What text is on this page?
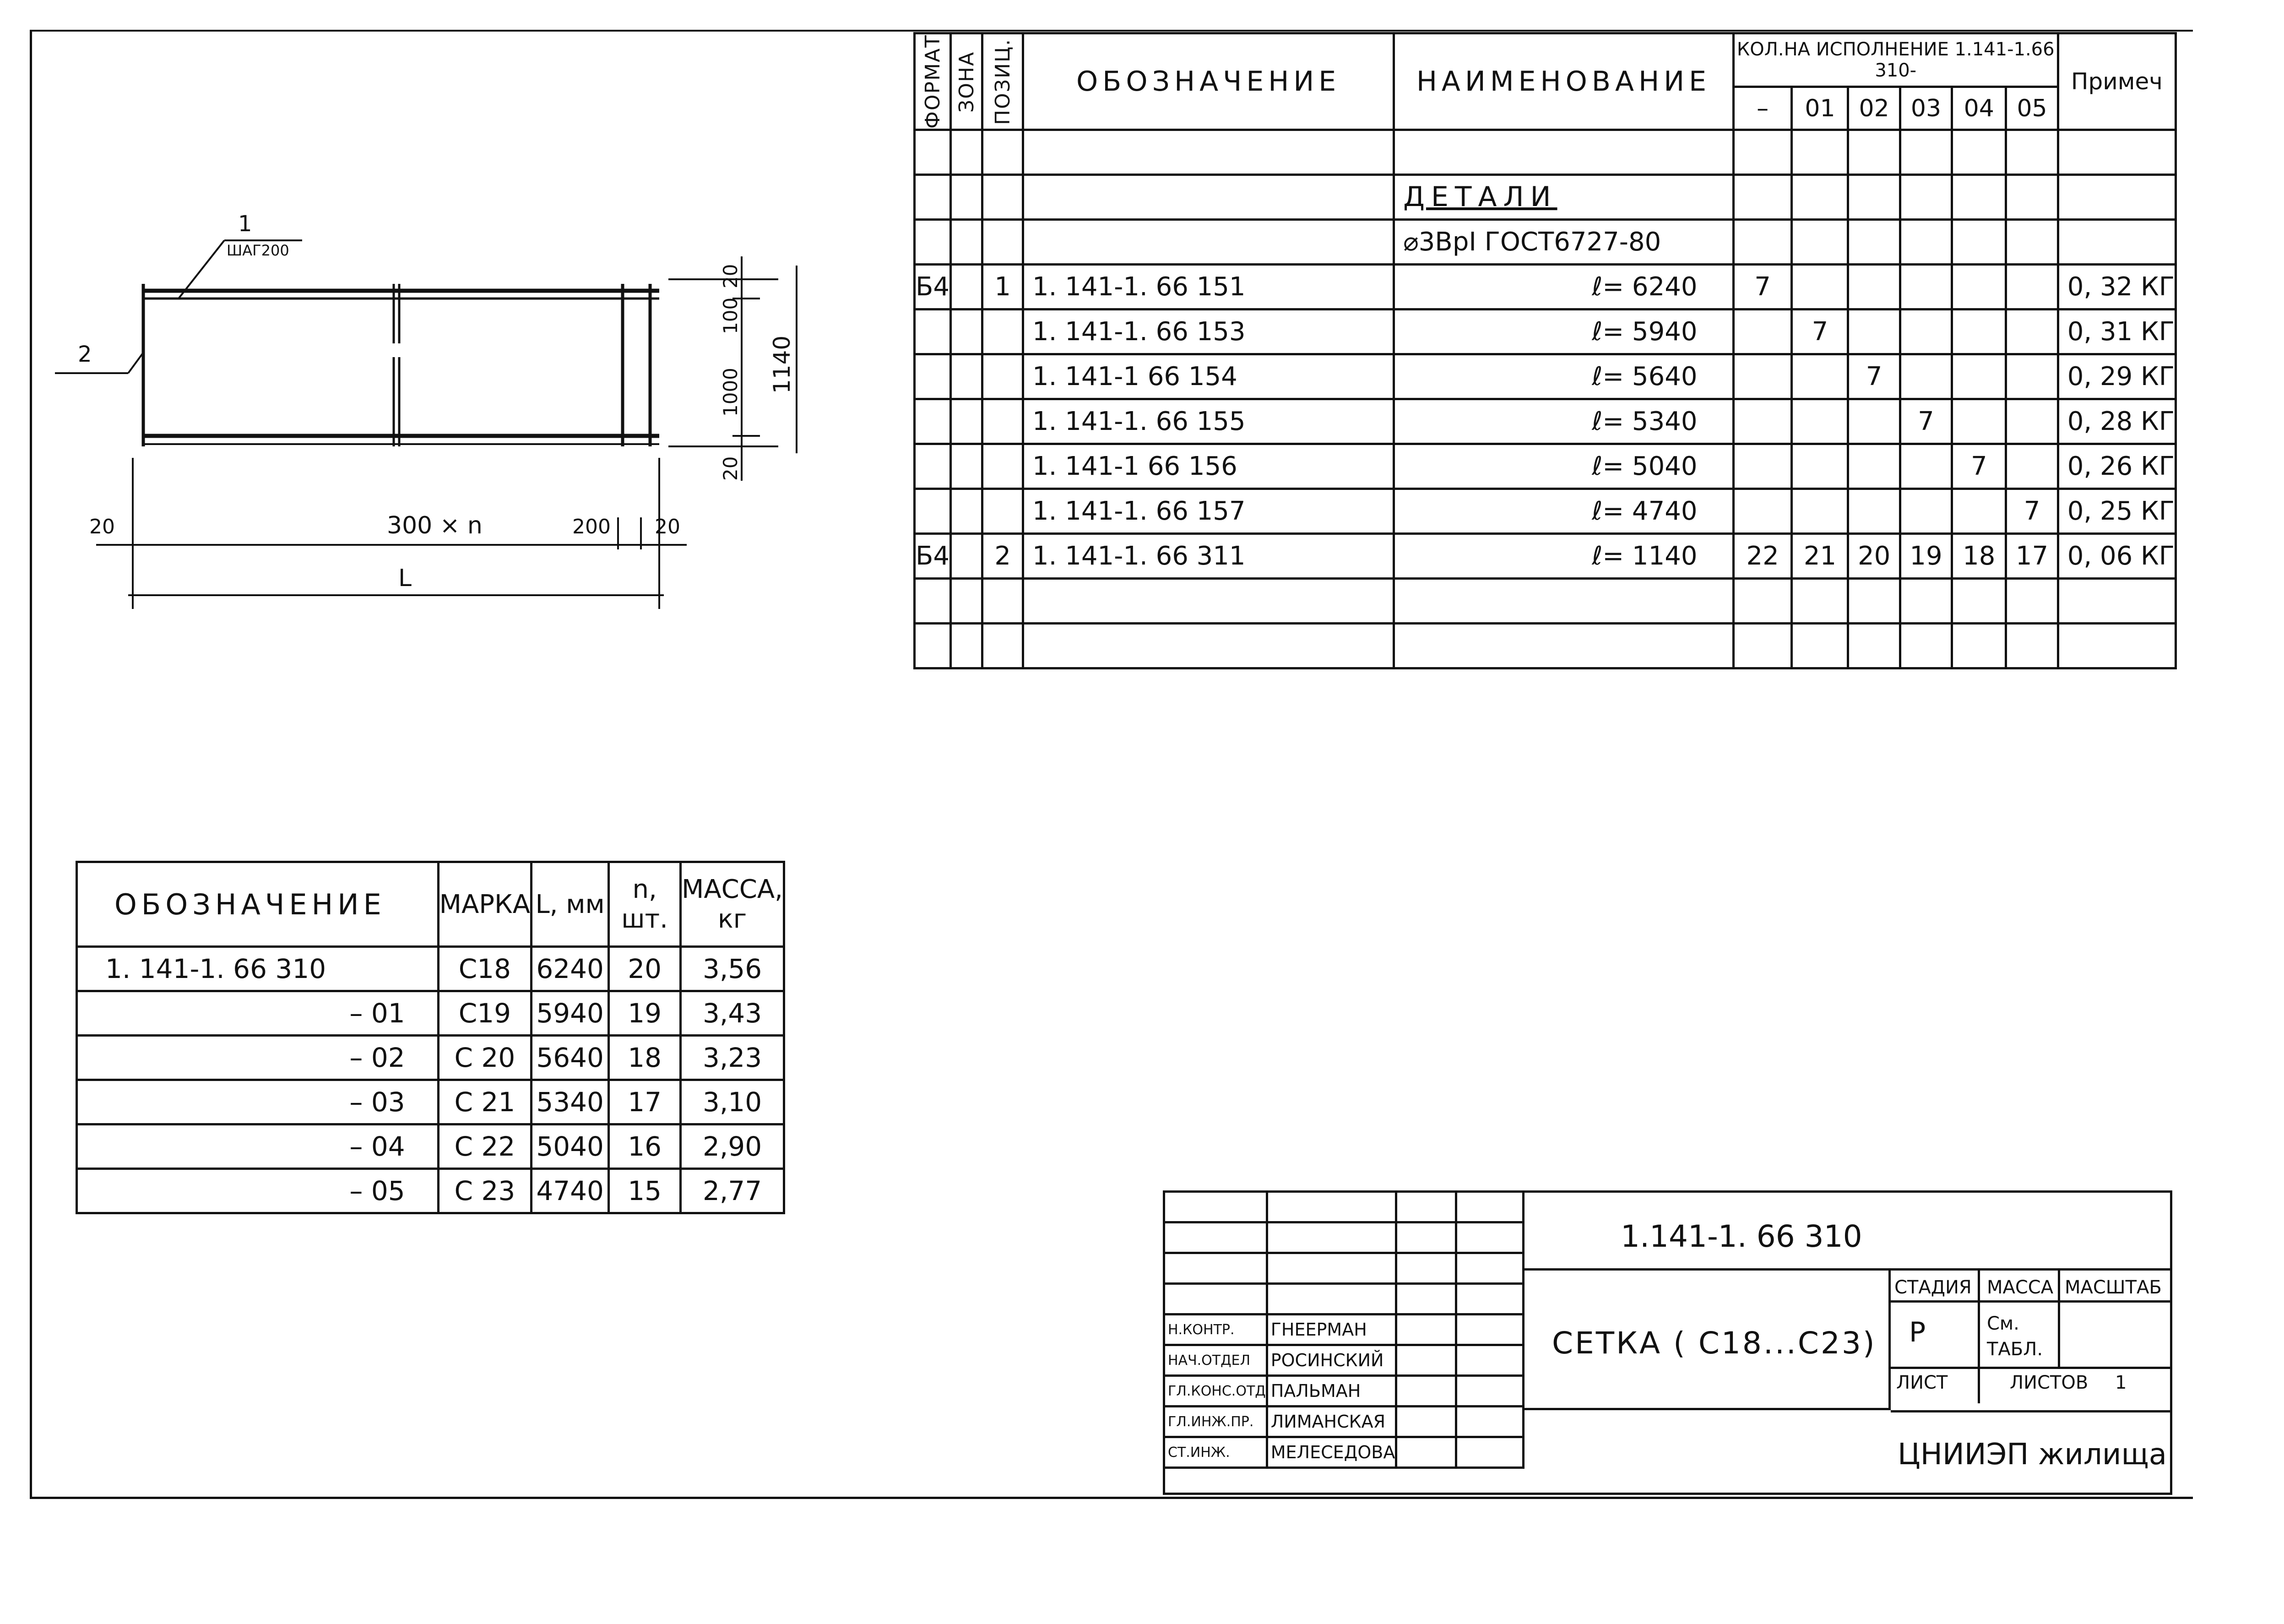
1
ШАГ200
2
20	300 × n	200 20
L
20
100
1000
20
1140
ФОРМАТ	ЗОНА	ПОЗИЦ.	ОБОЗНАЧЕНИЕ	НАИМЕНОВАНИЕ	КОЛ.НА ИСПОЛНЕНИЕ 1.141-1.66 310-						Примеч
					–	01	02	03	04	05	

				ДЕТАЛИ							
				⌀3ВрI ГОСТ6727-80							
Б4		1	1. 141-1. 66 151	ℓ= 6240	7						0, 32 КГ
			1. 141-1. 66 153	ℓ= 5940		7					0, 31 КГ
			1. 141-1 66 154	ℓ= 5640			7				0, 29 КГ
			1. 141-1. 66 155	ℓ= 5340				7			0, 28 КГ
			1. 141-1 66 156	ℓ= 5040					7		0, 26 КГ
			1. 141-1. 66 157	ℓ= 4740						7	0, 25 КГ
Б4		2	1. 141-1. 66 311	ℓ= 1140	22	21	20	19	18	17	0, 06 КГ

ОБОЗНАЧЕНИЕ	МАРКА	L, мм	n, шт.	МАССА, кг
1. 141-1. 66 310	С18	6240	20	3,56
– 01	С19	5940	19	3,43
– 02	С 20	5640	18	3,23
– 03	С 21	5340	17	3,10
– 04	С 22	5040	16	2,90
– 05	С 23	4740	15	2,77

Н.КОНТР.	ГНЕЕРМАН		
НАЧ.ОТДЕЛ	РОСИНСКИЙ		
ГЛ.КОНС.ОТД	ПАЛЬМАН		
ГЛ.ИНЖ.ПР.	ЛИМАНСКАЯ		
СТ.ИНЖ.	МЕЛЕСЕДОВА		
1.141-1. 66 310
СЕТКА ( С18...С23)
СТАДИЯ МАССА МАСШТАБ
Р	См. ТАБЛ.
ЛИСТ	ЛИСТОВ 1
ЦНИИЭП жилища
